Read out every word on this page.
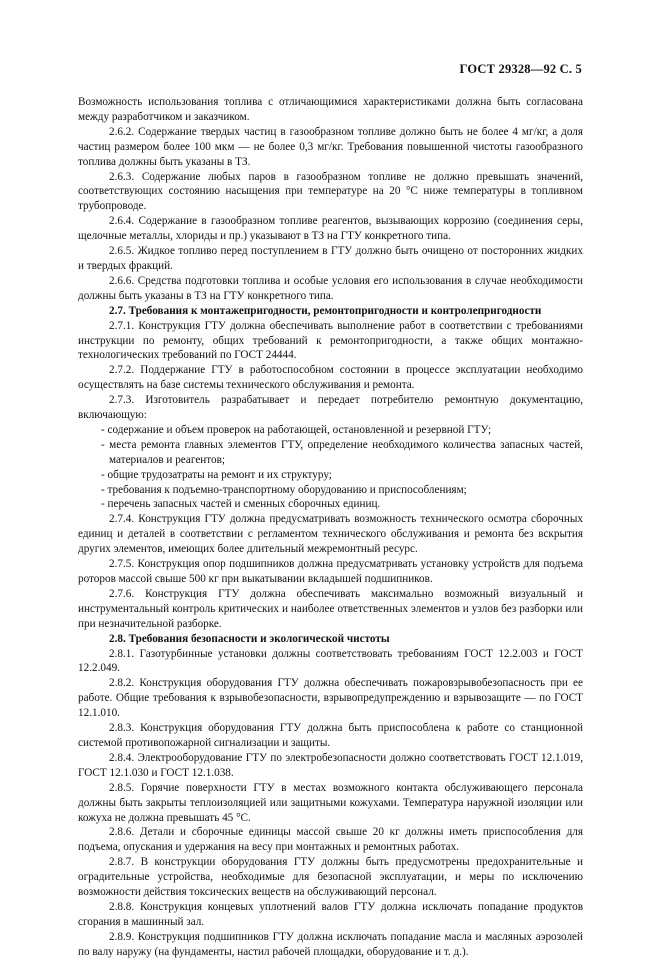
ГОСТ 29328—92 С. 5

Возможность использования топлива с отличающимися характеристиками должна быть согласована между разработчиком и заказчиком.

2.6.2. Содержание твердых частиц в газообразном топливе должно быть не более 4 мг/кг, а доля частиц размером более 100 мкм — не более 0,3 мг/кг. Требования повышенной чистоты газообразного топлива должны быть указаны в ТЗ.

2.6.3. Содержание любых паров в газообразном топливе не должно превышать значений, соответствующих состоянию насыщения при температуре на 20 °С ниже температуры в топливном трубопроводе.

2.6.4. Содержание в газообразном топливе реагентов, вызывающих коррозию (соединения серы, щелочные металлы, хлориды и пр.) указывают в ТЗ на ГТУ конкретного типа.

2.6.5. Жидкое топливо перед поступлением в ГТУ должно быть очищено от посторонних жидких и твердых фракций.

2.6.6. Средства подготовки топлива и особые условия его использования в случае необходимости должны быть указаны в ТЗ на ГТУ конкретного типа.

2.7. Требования к монтажепригодности, ремонтопригодности и контролепригодности

2.7.1. Конструкция ГТУ должна обеспечивать выполнение работ в соответствии с требованиями инструкции по ремонту, общих требований к ремонтопригодности, а также общих монтажно-технологических требований по ГОСТ 24444.

2.7.2. Поддержание ГТУ в работоспособном состоянии в процессе эксплуатации необходимо осуществлять на базе системы технического обслуживания и ремонта.

2.7.3. Изготовитель разрабатывает и передает потребителю ремонтную документацию, включающую:

- содержание и объем проверок на работающей, остановленной и резервной ГТУ;

- места ремонта главных элементов ГТУ, определение необходимого количества запасных частей, материалов и реагентов;

- общие трудозатраты на ремонт и их структуру;

- требования к подъемно-транспортному оборудованию и приспособлениям;

- перечень запасных частей и сменных сборочных единиц.

2.7.4. Конструкция ГТУ должна предусматривать возможность технического осмотра сборочных единиц и деталей в соответствии с регламентом технического обслуживания и ремонта без вскрытия других элементов, имеющих более длительный межремонтный ресурс.

2.7.5. Конструкция опор подшипников должна предусматривать установку устройств для подъема роторов массой свыше 500 кг при выкатывании вкладышей подшипников.

2.7.6. Конструкция ГТУ должна обеспечивать максимально возможный визуальный и инструментальный контроль критических и наиболее ответственных элементов и узлов без разборки или при незначительной разборке.

2.8. Требования безопасности и экологической чистоты

2.8.1. Газотурбинные установки должны соответствовать требованиям ГОСТ 12.2.003 и ГОСТ 12.2.049.

2.8.2. Конструкция оборудования ГТУ должна обеспечивать пожаровзрывобезопасность при ее работе. Общие требования к взрывобезопасности, взрывопредупреждению и взрывозащите — по ГОСТ 12.1.010.

2.8.3. Конструкция оборудования ГТУ должна быть приспособлена к работе со станционной системой противопожарной сигнализации и защиты.

2.8.4. Электрооборудование ГТУ по электробезопасности должно соответствовать ГОСТ 12.1.019, ГОСТ 12.1.030 и ГОСТ 12.1.038.

2.8.5. Горячие поверхности ГТУ в местах возможного контакта обслуживающего персонала должны быть закрыты теплоизоляцией или защитными кожухами. Температура наружной изоляции или кожуха не должна превышать 45 °С.

2.8.6. Детали и сборочные единицы массой свыше 20 кг должны иметь приспособления для подъема, опускания и удержания на весу при монтажных и ремонтных работах.

2.8.7. В конструкции оборудования ГТУ должны быть предусмотрены предохранительные и оградительные устройства, необходимые для безопасной эксплуатации, и меры по исключению возможности действия токсических веществ на обслуживающий персонал.

2.8.8. Конструкция концевых уплотнений валов ГТУ должна исключать попадание продуктов сгорания в машинный зал.

2.8.9. Конструкция подшипников ГТУ должна исключать попадание масла и масляных аэрозолей по валу наружу (на фундаменты, настил рабочей площадки, оборудование и т. д.).
